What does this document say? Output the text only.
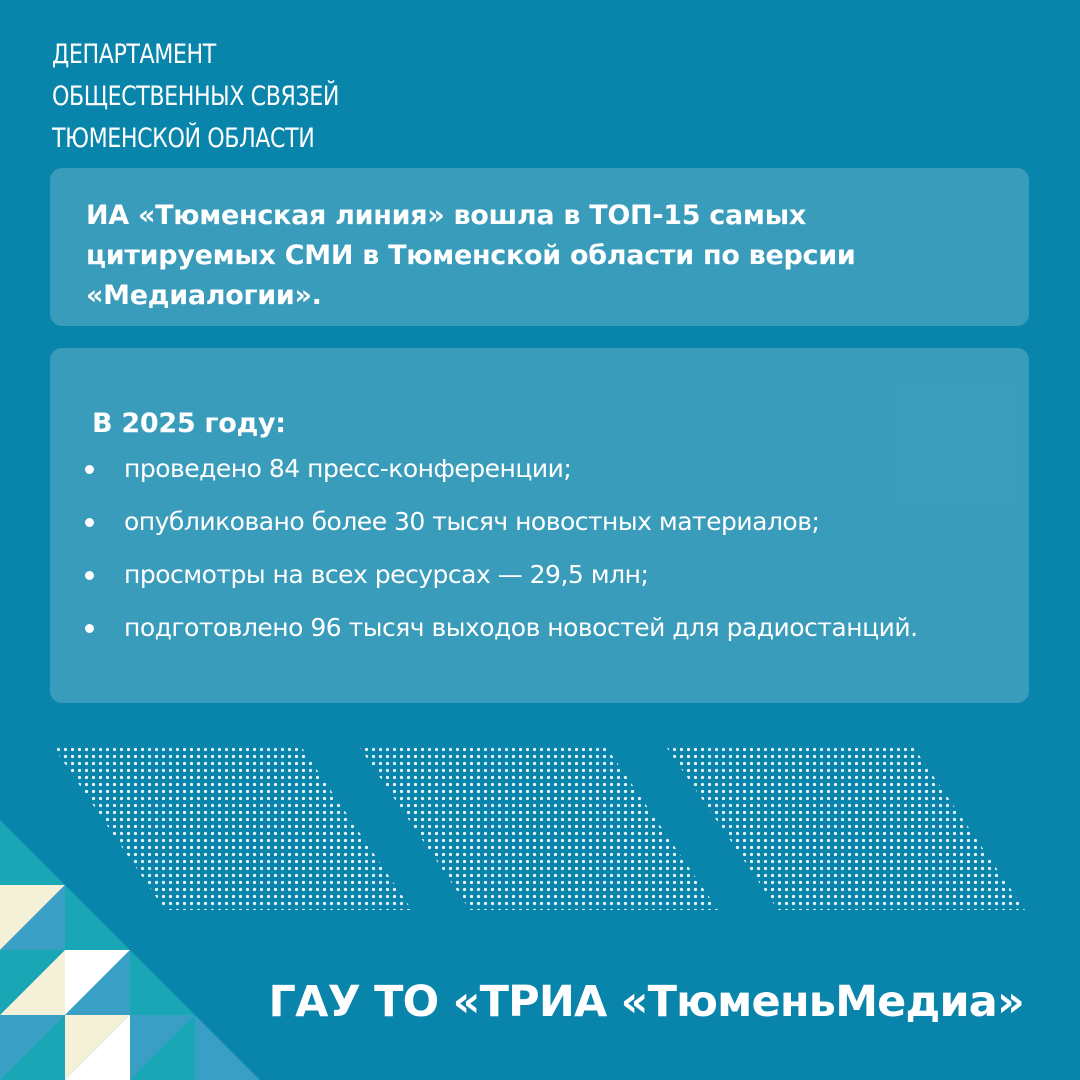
ДЕПАРТАМЕНТ
ОБЩЕСТВЕННЫХ СВЯЗЕЙ
ТЮМЕНСКОЙ ОБЛАСТИ

ИА «Тюменская линия» вошла в ТОП-15 самых

цитируемых СМИ в Тюменской области по версии

«Медиалогии».

В 2025 году:
проведено 84 пресс-конференции;
опубликовано более 30 тысяч новостных материалов;
просмотры на всех ресурсах — 29,5 млн;
подготовлено 96 тысяч выходов новостей для радиостанций.
ГАУ ТО «ТРИА «ТюменьМедиа»
